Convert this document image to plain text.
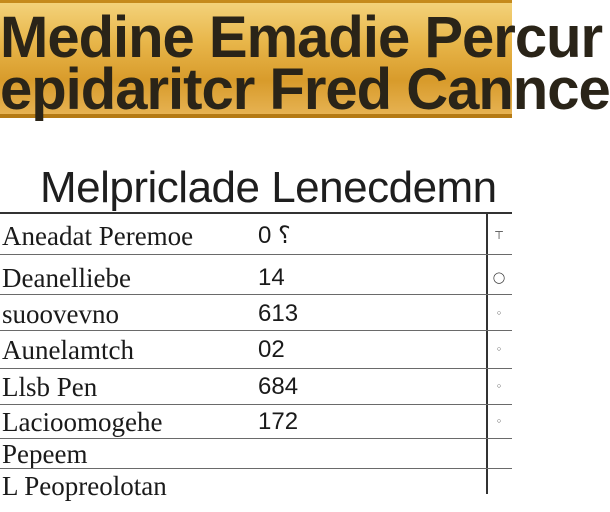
Medine Emadie Percur
epidaritcr Fred Cannce
Melpriclade Lenecdemn
Aneadat Peremoe	0 ⸮	⊤
Deanelliebe	14	◯
suoovevno	613	◦
Aunelamtch	02	◦
Llsb Pen	684	◦
Lacioomogehe	172	◦
Pepeem
L Peopreolotan
